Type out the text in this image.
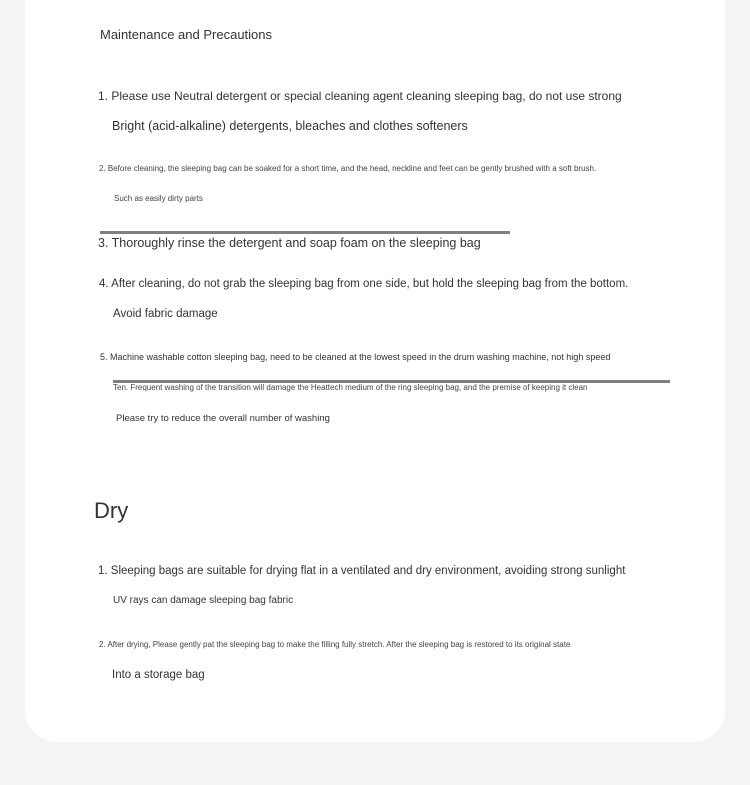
Maintenance and Precautions
1. Please use Neutral detergent or special cleaning agent cleaning sleeping bag, do not use strong
Bright (acid-alkaline) detergents, bleaches and clothes softeners
2. Before cleaning, the sleeping bag can be soaked for a short time, and the head, neckline and feet can be gently brushed with a soft brush.
Such as easily dirty parts
3. Thoroughly rinse the detergent and soap foam on the sleeping bag
4. After cleaning, do not grab the sleeping bag from one side, but hold the sleeping bag from the bottom.
Avoid fabric damage
5. Machine washable cotton sleeping bag, need to be cleaned at the lowest speed in the drum washing machine, not high speed
Ten. Frequent washing of the transition will damage the Heattech medium of the ring sleeping bag, and the premise of keeping it clean
Please try to reduce the overall number of washing
Dry
1. Sleeping bags are suitable for drying flat in a ventilated and dry environment, avoiding strong sunlight
UV rays can damage sleeping bag fabric
2. After drying, Please gently pat the sleeping bag to make the filling fully stretch. After the sleeping bag is restored to its original state
Into a storage bag
